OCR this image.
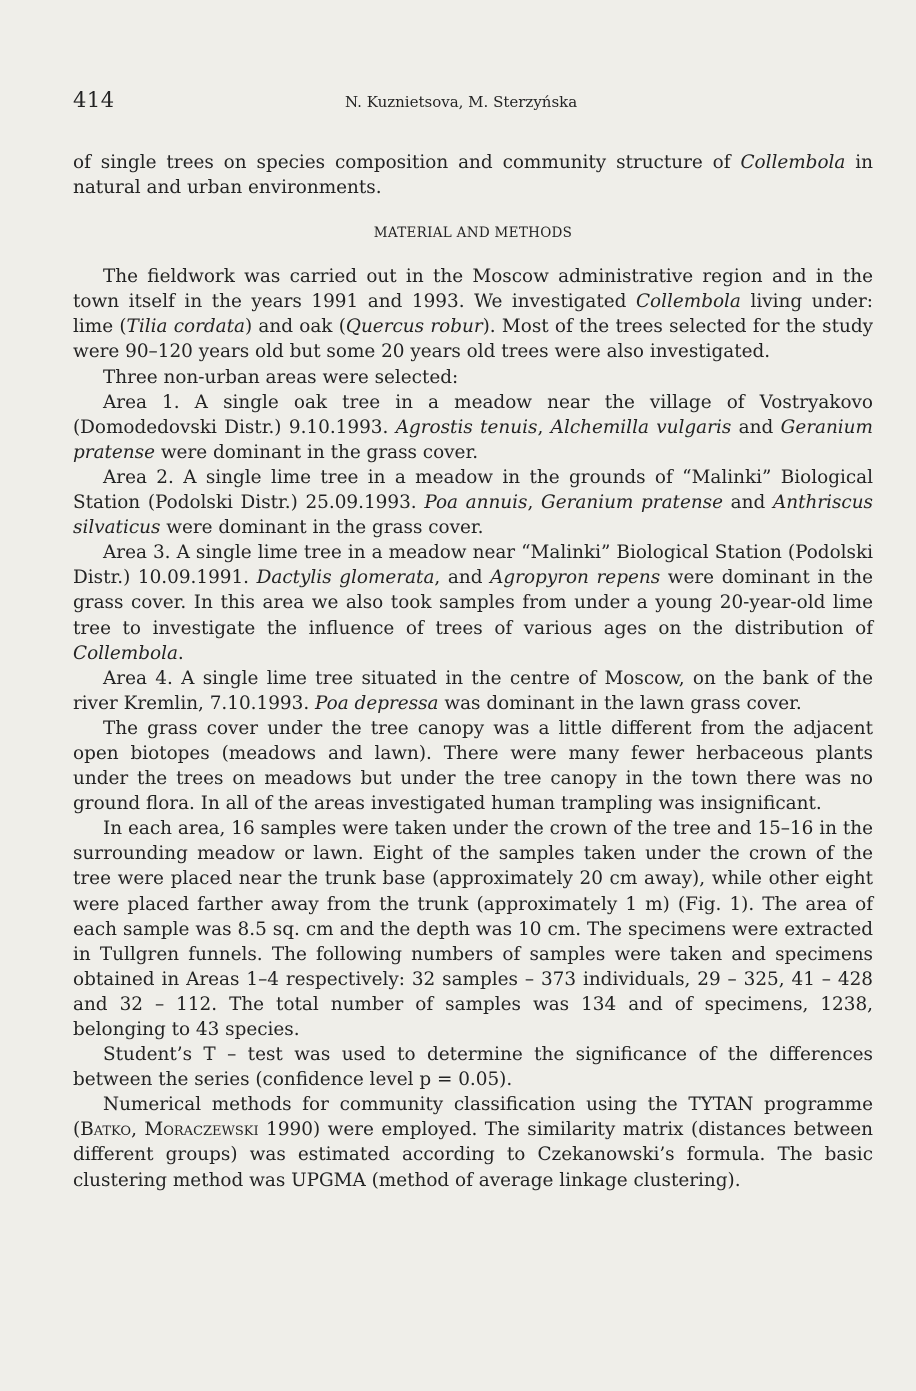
414	N. Kuznietsova, M. Sterzyńska

of single trees on species composition and community structure of Collembola in natural and urban environments.

MATERIAL AND METHODS

The fieldwork was carried out in the Moscow administrative region and in the town itself in the years 1991 and 1993. We investigated Collembola living under: lime (Tilia cordata) and oak (Quercus robur). Most of the trees selected for the study were 90–120 years old but some 20 years old trees were also investigated.

Three non-urban areas were selected:

Area 1. A single oak tree in a meadow near the village of Vostryakovo (Domodedovski Distr.) 9.10.1993. Agrostis tenuis, Alchemilla vulgaris and Geranium pratense were dominant in the grass cover.

Area 2. A single lime tree in a meadow in the grounds of “Malinki” Biological Station (Podolski Distr.) 25.09.1993. Poa annuis, Geranium pratense and Anthriscus silvaticus were dominant in the grass cover.

Area 3. A single lime tree in a meadow near “Malinki” Biological Station (Podolski Distr.) 10.09.1991. Dactylis glomerata, and Agropyron repens were dominant in the grass cover. In this area we also took samples from under a young 20-year-old lime tree to investigate the influence of trees of various ages on the distribution of Collembola.

Area 4. A single lime tree situated in the centre of Moscow, on the bank of the river Kremlin, 7.10.1993. Poa depressa was dominant in the lawn grass cover.

The grass cover under the tree canopy was a little different from the adjacent open biotopes (meadows and lawn). There were many fewer herbaceous plants under the trees on meadows but under the tree canopy in the town there was no ground flora. In all of the areas investigated human trampling was insignificant.

In each area, 16 samples were taken under the crown of the tree and 15–16 in the surrounding meadow or lawn. Eight of the samples taken under the crown of the tree were placed near the trunk base (approximately 20 cm away), while other eight were placed farther away from the trunk (approximately 1 m) (Fig. 1). The area of each sample was 8.5 sq. cm and the depth was 10 cm. The specimens were extracted in Tullgren funnels. The following numbers of samples were taken and specimens obtained in Areas 1–4 respectively: 32 samples – 373 individuals, 29 – 325, 41 – 428 and 32 – 112. The total number of samples was 134 and of specimens, 1238, belonging to 43 species.

Student’s T – test was used to determine the significance of the differences between the series (confidence level p = 0.05).

Numerical methods for community classification using the TYTAN programme (Batko, Moraczewski 1990) were employed. The similarity matrix (distances between different groups) was estimated according to Czekanowski’s formula. The basic clustering method was UPGMA (method of average linkage clustering).
